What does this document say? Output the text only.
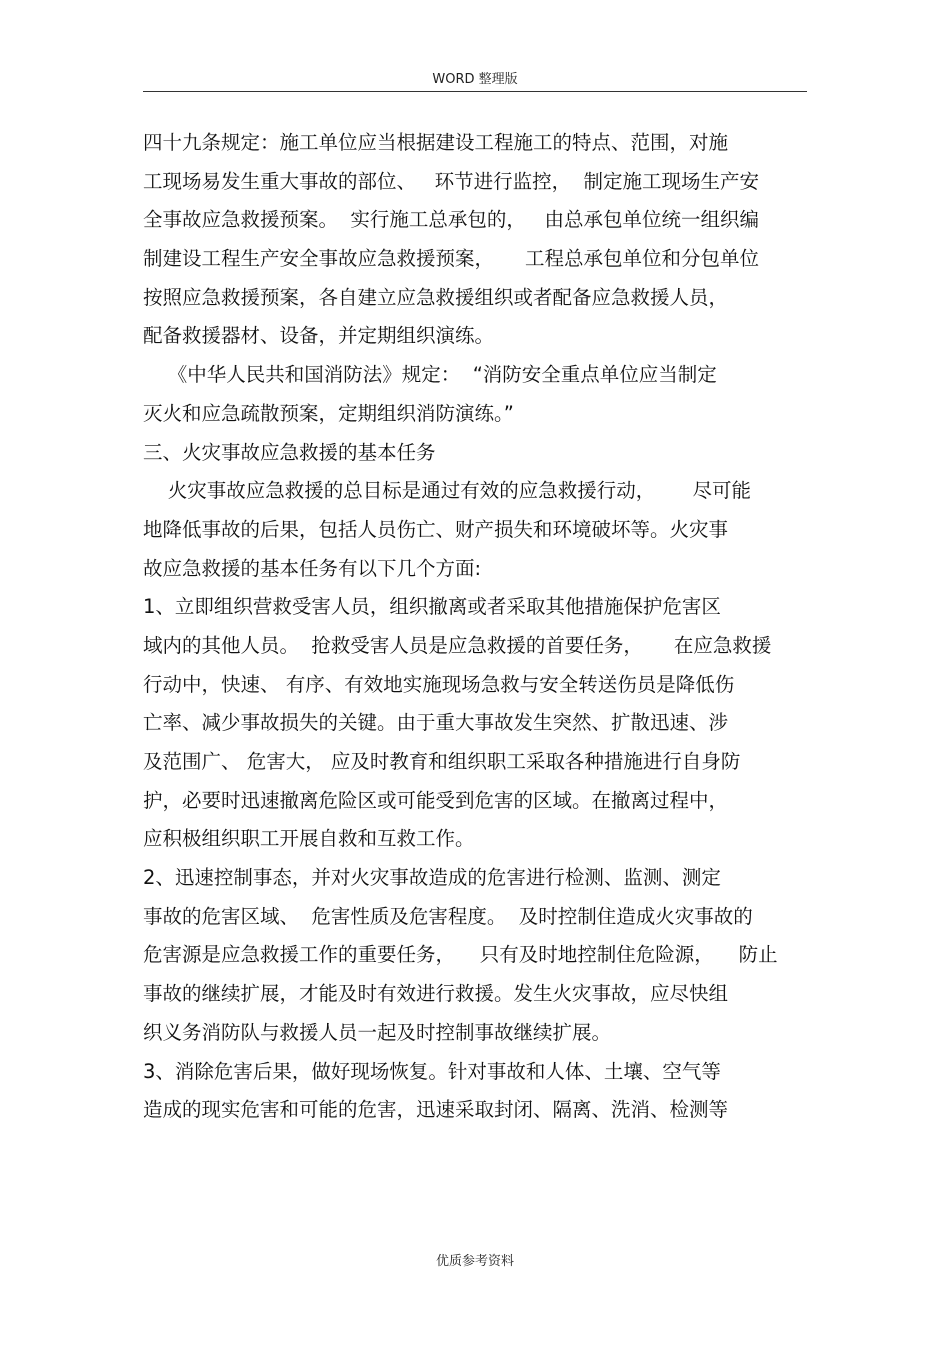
WORD 整理版
四十九条规定：施工单位应当根据建设工程施工的特点、范围，对施
工现场易发生重大事故的部位、   环节进行监控，  制定施工现场生产安
全事故应急救援预案。  实行施工总承包的，   由总承包单位统一组织编
制建设工程生产安全事故应急救援预案，     工程总承包单位和分包单位
按照应急救援预案，各自建立应急救援组织或者配备应急救援人员，
配备救援器材、设备，并定期组织演练。
《中华人民共和国消防法》规定：  “消防安全重点单位应当制定
灭火和应急疏散预案，定期组织消防演练。”
三、火灾事故应急救援的基本任务
火灾事故应急救援的总目标是通过有效的应急救援行动，      尽可能
地降低事故的后果，包括人员伤亡、财产损失和环境破坏等。火灾事
故应急救援的基本任务有以下几个方面:
1、立即组织营救受害人员，组织撤离或者采取其他措施保护危害区
域内的其他人员。  抢救受害人员是应急救援的首要任务，     在应急救援
行动中，快速、 有序、有效地实施现场急救与安全转送伤员是降低伤
亡率、减少事故损失的关键。由于重大事故发生突然、扩散迅速、涉
及范围广、 危害大， 应及时教育和组织职工采取各种措施进行自身防
护，必要时迅速撤离危险区或可能受到危害的区域。在撤离过程中，
应积极组织职工开展自救和互救工作。
2、迅速控制事态，并对火灾事故造成的危害进行检测、监测、测定
事故的危害区域、  危害性质及危害程度。  及时控制住造成火灾事故的
危害源是应急救援工作的重要任务，    只有及时地控制住危险源，    防止
事故的继续扩展，才能及时有效进行救援。发生火灾事故，应尽快组
织义务消防队与救援人员一起及时控制事故继续扩展。
3、消除危害后果，做好现场恢复。针对事故和人体、土壤、空气等
造成的现实危害和可能的危害，迅速采取封闭、隔离、洗消、检测等
优质参考资料
